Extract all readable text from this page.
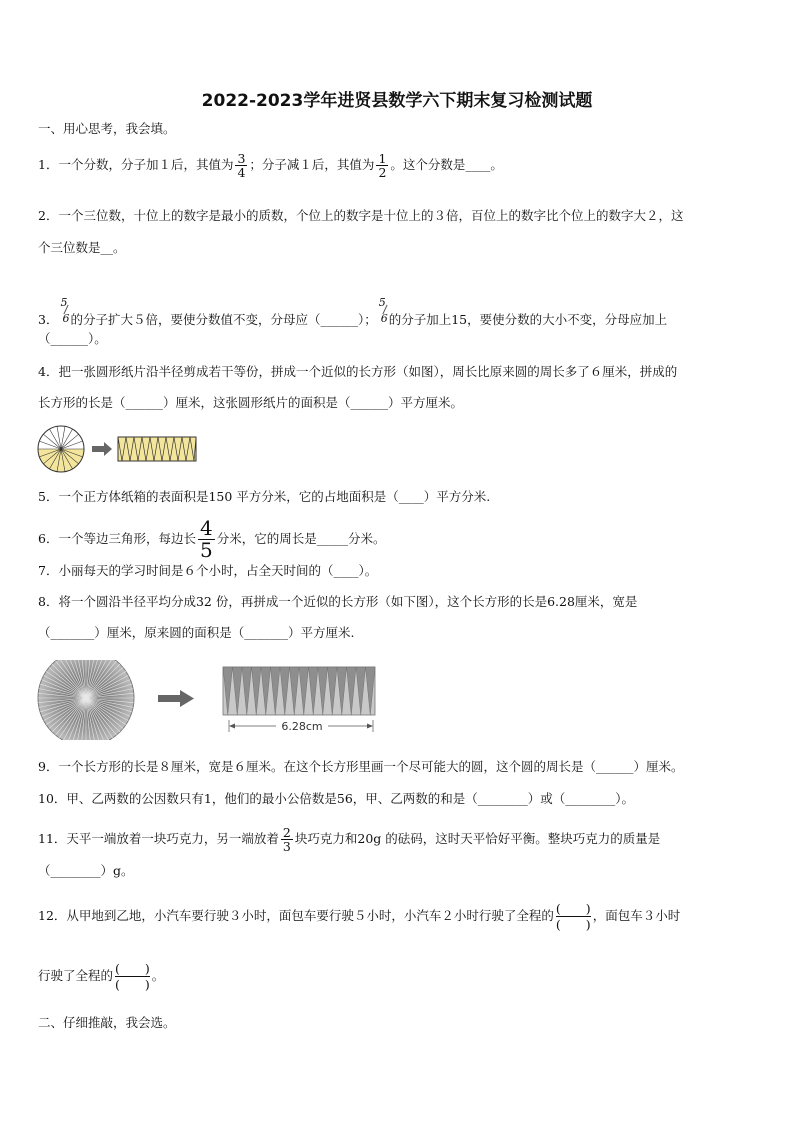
2022-2023学年进贤县数学六下期末复习检测试题
一、用心思考，我会填。
1．一个分数，分子加１后，其值为 $\frac{3}{4}$ ；分子减１后，其值为 $\frac{1}{2}$ 。这个分数是____。
2．一个三位数，十位上的数字是最小的质数，个位上的数字是十位上的３倍，百位上的数字比个位上的数字大２，这
个三位数是__。
3．
5
6 的分子扩大５倍，要使分数值不变，分母应（______）；
5
6 的分子加上15，要使分数的大小不变，分母应加上
（______）。
4．把一张圆形纸片沿半径剪成若干等份，拼成一个近似的长方形（如图），周长比原来圆的周长多了６厘米，拼成的
长方形的长是（______）厘米，这张圆形纸片的面积是（______）平方厘米。
5．一个正方体纸箱的表面积是150 平方分米，它的占地面积是（____）平方分米.
6．一个等边三角形，每边长 $\frac{4}{5}$ 分米，它的周长是_____分米。
7．小丽每天的学习时间是６个小时，占全天时间的（____）。
8．将一个圆沿半径平均分成32 份，再拼成一个近似的长方形（如下图），这个长方形的长是6.28厘米，宽是
（_______）厘米，原来圆的面积是（_______）平方厘米.
6.28cm
9．一个长方形的长是８厘米，宽是６厘米。在这个长方形里画一个尽可能大的圆，这个圆的周长是（______）厘米。
10．甲、乙两数的公因数只有1，他们的最小公倍数是56，甲、乙两数的和是（________）或（________）。
11．天平一端放着一块巧克力，另一端放着 $\frac{2}{3}$ 块巧克力和20g 的砝码，这时天平恰好平衡。整块巧克力的质量是
（________）g。
12．从甲地到乙地，小汽车要行驶３小时，面包车要行驶５小时，小汽车２小时行驶了全程的 (　　)
(　　)，面包车３小时
行驶了全程的 (　　)
(　　)。
二、仔细推敲，我会选。
